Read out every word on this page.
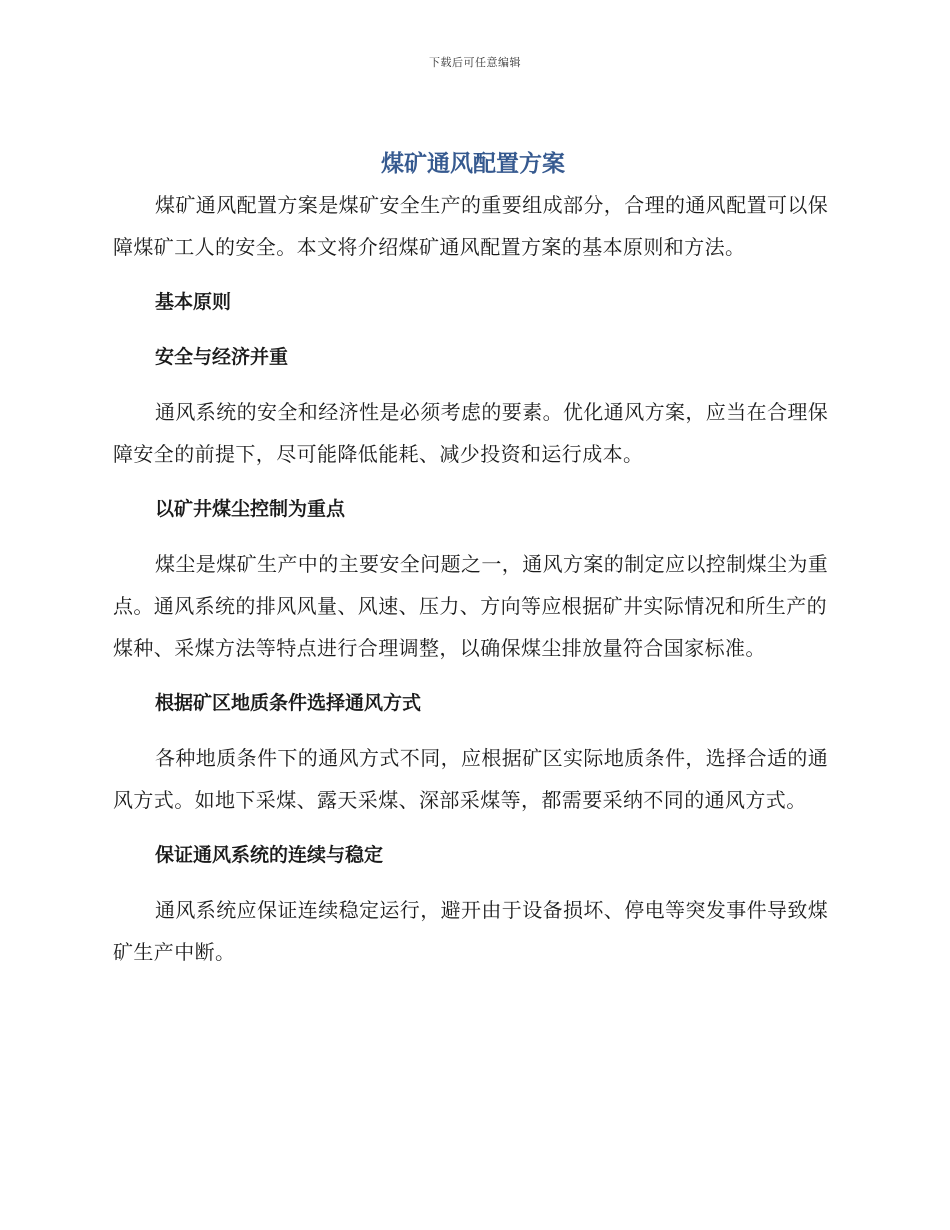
下载后可任意编辑
煤矿通风配置方案

煤矿通风配置方案是煤矿安全生产的重要组成部分，合理的通风配置可以保障煤矿工人的安全。本文将介绍煤矿通风配置方案的基本原则和方法。

基本原则

安全与经济并重

通风系统的安全和经济性是必须考虑的要素。优化通风方案，应当在合理保障安全的前提下，尽可能降低能耗、减少投资和运行成本。

以矿井煤尘控制为重点

煤尘是煤矿生产中的主要安全问题之一，通风方案的制定应以控制煤尘为重点。通风系统的排风风量、风速、压力、方向等应根据矿井实际情况和所生产的煤种、采煤方法等特点进行合理调整，以确保煤尘排放量符合国家标准。

根据矿区地质条件选择通风方式

各种地质条件下的通风方式不同，应根据矿区实际地质条件，选择合适的通风方式。如地下采煤、露天采煤、深部采煤等，都需要采纳不同的通风方式。

保证通风系统的连续与稳定

通风系统应保证连续稳定运行，避开由于设备损坏、停电等突发事件导致煤矿生产中断。
